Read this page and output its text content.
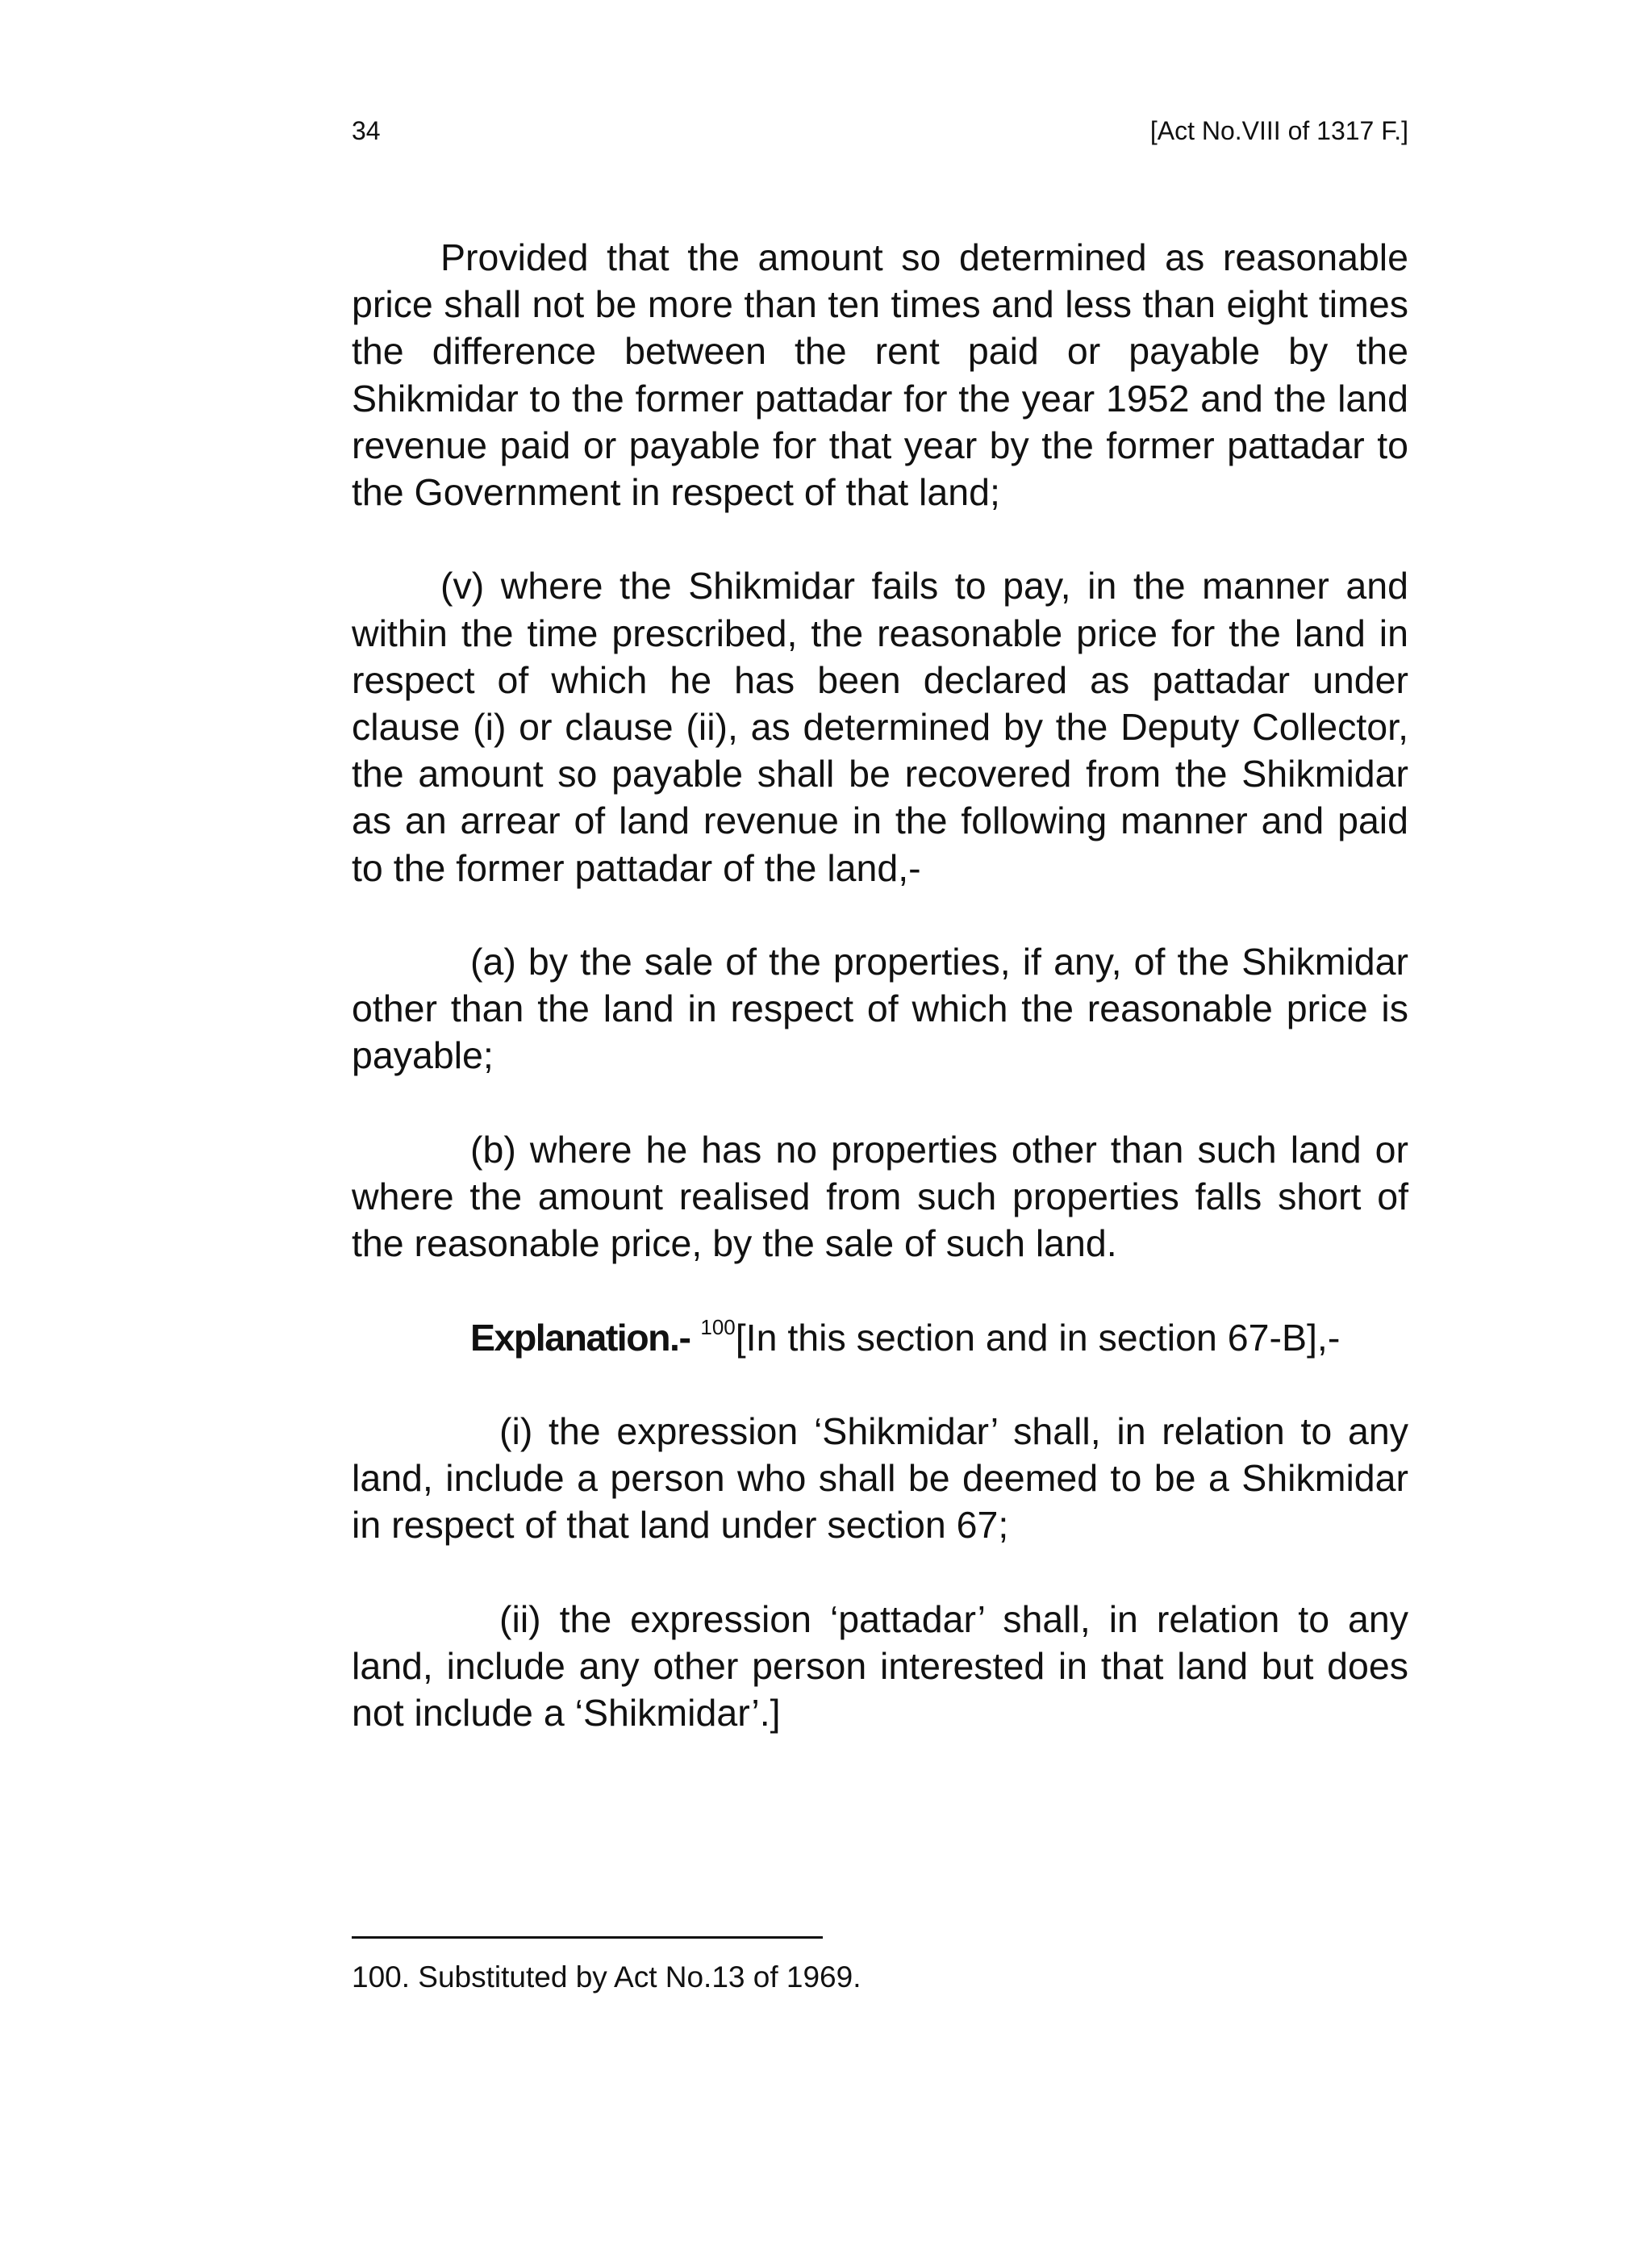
34	[Act No.VIII of 1317 F.]

Provided that the amount so determined as reasonable price shall not be more than ten times and less than eight times the difference between the rent paid or payable by the Shikmidar to the former pattadar for the year 1952 and the land revenue paid or payable for that year by the former pattadar to the Government in respect of that land;

(v) where the Shikmidar fails to pay, in the manner and within the time prescribed, the reasonable price for the land in respect of which he has been declared as pattadar under clause (i) or clause (ii), as determined by the Deputy Collector, the amount so payable shall be recovered from the Shikmidar as an arrear of land revenue in the following manner and paid to the former pattadar of the land,-

(a) by the sale of the properties, if any, of the Shikmidar other than the land in respect of which the reasonable price is payable;

(b) where he has no properties other than such land or where the amount realised from such properties falls short of the reasonable price, by the sale of such land.

Explanation.- $^{100}$[In this section and in section 67-B],-

(i) the expression ‘Shikmidar’ shall, in relation to any land, include a person who shall be deemed to be a Shikmidar in respect of that land under section 67;

(ii) the expression ‘pattadar’ shall, in relation to any land, include any other person interested in that land but does not include a ‘Shikmidar’.]

100. Substituted by Act No.13 of 1969.
